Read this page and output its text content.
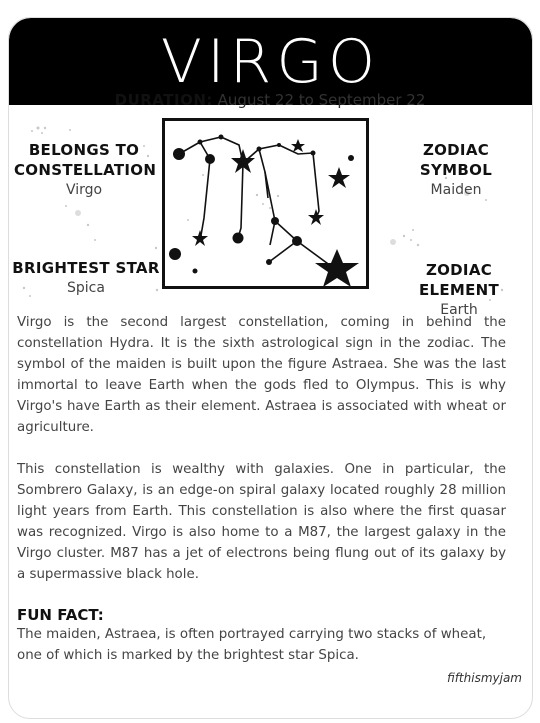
VIRGO
DURATION: August 22 to September 22
BELONGS TO
CONSTELLATION
Virgo
ZODIAC SYMBOL
Maiden
BRIGHTEST STAR
Spica
ZODIAC ELEMENT
Earth
Virgo is the second largest constellation, coming in behind the constellation Hydra. It is the sixth astrological sign in the zodiac. The symbol of the maiden is built upon the figure Astraea. She was the last immortal to leave Earth when the gods fled to Olympus. This is why Virgo's have Earth as their element. Astraea is associated with wheat or agriculture.
This constellation is wealthy with galaxies. One in particular, the Sombrero Galaxy, is an edge-on spiral galaxy located roughly 28 million light years from Earth. This constellation is also where the first quasar was recognized. Virgo is also home to a M87, the largest galaxy in the Virgo cluster. M87 has a jet of electrons being flung out of its galaxy by a supermassive black hole.
FUN FACT:
The maiden, Astraea, is often portrayed carrying two stacks of wheat, one of which is marked by the brightest star Spica.
fifthismyjam
